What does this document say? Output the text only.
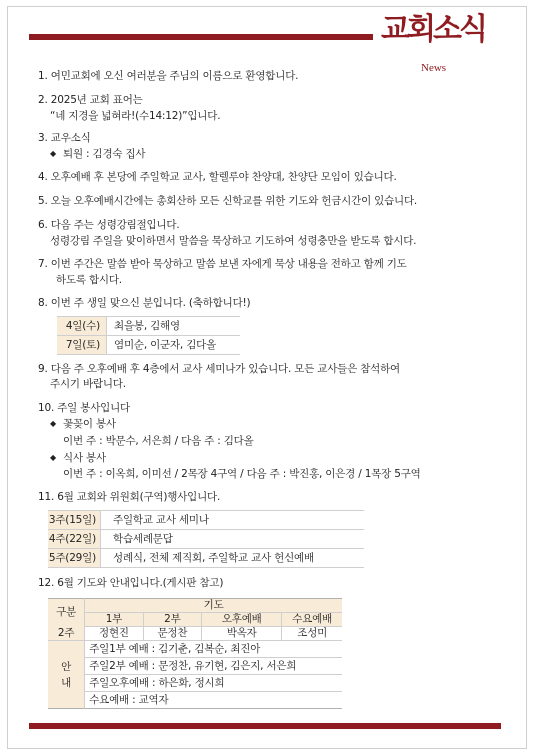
교회소식
News
1. 여민교회에 오신 여러분을 주님의 이름으로 환영합니다.
2. 2025년 교회 표어는
“네 지경을 넓혀라!(수14:12)”입니다.
3. 교우소식
◆ 퇴원 : 김경숙 집사
4. 오후예배 후 본당에 주일학교 교사, 할렐루야 찬양대, 찬양단 모임이 있습니다.
5. 오늘 오후예배시간에는 총회산하 모든 신학교를 위한 기도와 헌금시간이 있습니다.
6. 다음 주는 성령강림절입니다.
성령강림 주일을 맞이하면서 말씀을 묵상하고 기도하여 성령충만을 받도록 합시다.
7. 이번 주간은 말씀 받아 묵상하고 말씀 보낸 자에게 묵상 내용을 전하고 함께 기도
하도록 합시다.
8. 이번 주 생일 맞으신 분입니다. (축하합니다!)
4일(수)	최을봉, 김해영
7일(토)	염미순, 이군자, 김다올
9. 다음 주 오후예배 후 4층에서 교사 세미나가 있습니다. 모든 교사들은 참석하여
주시기 바랍니다.
10. 주일 봉사입니다
◆ 꽃꽂이 봉사
이번 주 : 박문수, 서은희 / 다음 주 : 김다올
◆ 식사 봉사
이번 주 : 이옥희, 이미선 / 2목장 4구역 / 다음 주 : 박진홍, 이은경 / 1목장 5구역
11. 6월 교회와 위원회(구역)행사입니다.
3주(15일)	주일학교 교사 세미나
4주(22일)	학습세례문답
5주(29일)	성례식, 전체 제직회, 주일학교 교사 헌신예배
12. 6월 기도와 안내입니다.(게시판 참고)
구분	기도			
	1부	2부	오후예배	수요예배
2주	정현진	문정찬	박옥자	조성미

안
내	주일1부 예배 : 김기춘, 김복순, 최진아			
	주일2부 예배 : 문정찬, 유기현, 김은지, 서은희			
	주일오후예배 : 하은화, 정시희			
	수요예배 : 교역자			
